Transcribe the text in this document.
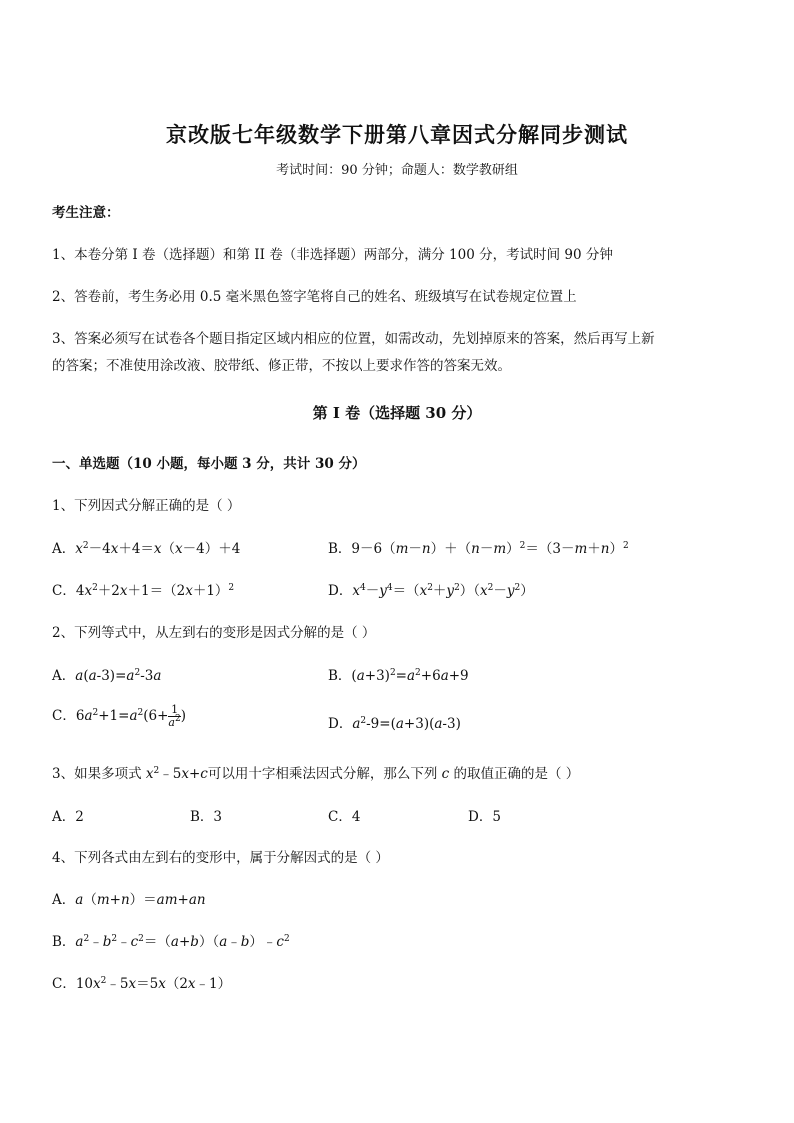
京改版七年级数学下册第八章因式分解同步测试
考试时间：90 分钟；命题人：数学教研组
考生注意：
1、本卷分第 I 卷（选择题）和第 II 卷（非选择题）两部分，满分 100 分，考试时间 90 分钟
2、答卷前，考生务必用 0.5 毫米黑色签字笔将自己的姓名、班级填写在试卷规定位置上
3、答案必须写在试卷各个题目指定区域内相应的位置，如需改动，先划掉原来的答案，然后再写上新
的答案；不准使用涂改液、胶带纸、修正带，不按以上要求作答的答案无效。
第 I 卷（选择题 30 分）
一、单选题（10 小题，每小题 3 分，共计 30 分）
1、下列因式分解正确的是（ ）
A．$x^2-4x+4=x(x-4)+4$	B．$9-6(m-n)+(n-m)^2=(3-m+n)^2$
C．$4x^2+2x+1=(2x+1)^2$	D．$x^4-y^4=(x^2+y^2)(x^2-y^2)$
2、下列等式中，从左到右的变形是因式分解的是（ ）
A．$a(a-3)=a^2-3a$	B．$(a+3)^2=a^2+6a+9$
C．$6a^2+1=a^2(6+ \frac{1}{a^2}$ )	D．$a^2-9=(a+3)(a-3)$
3、如果多项式 $x^2﹣5x+c$可以用十字相乘法因式分解，那么下列 c 的取值正确的是（ ）
A．2	B．3	C．4	D．5
4、下列各式由左到右的变形中，属于分解因式的是（ ）
A．a（m+n）＝am+an
B．$a^2﹣b^2﹣c^2=(a+b)(a﹣b)﹣c^2$
C．$10x^2﹣5x=5x(2x﹣1)$
